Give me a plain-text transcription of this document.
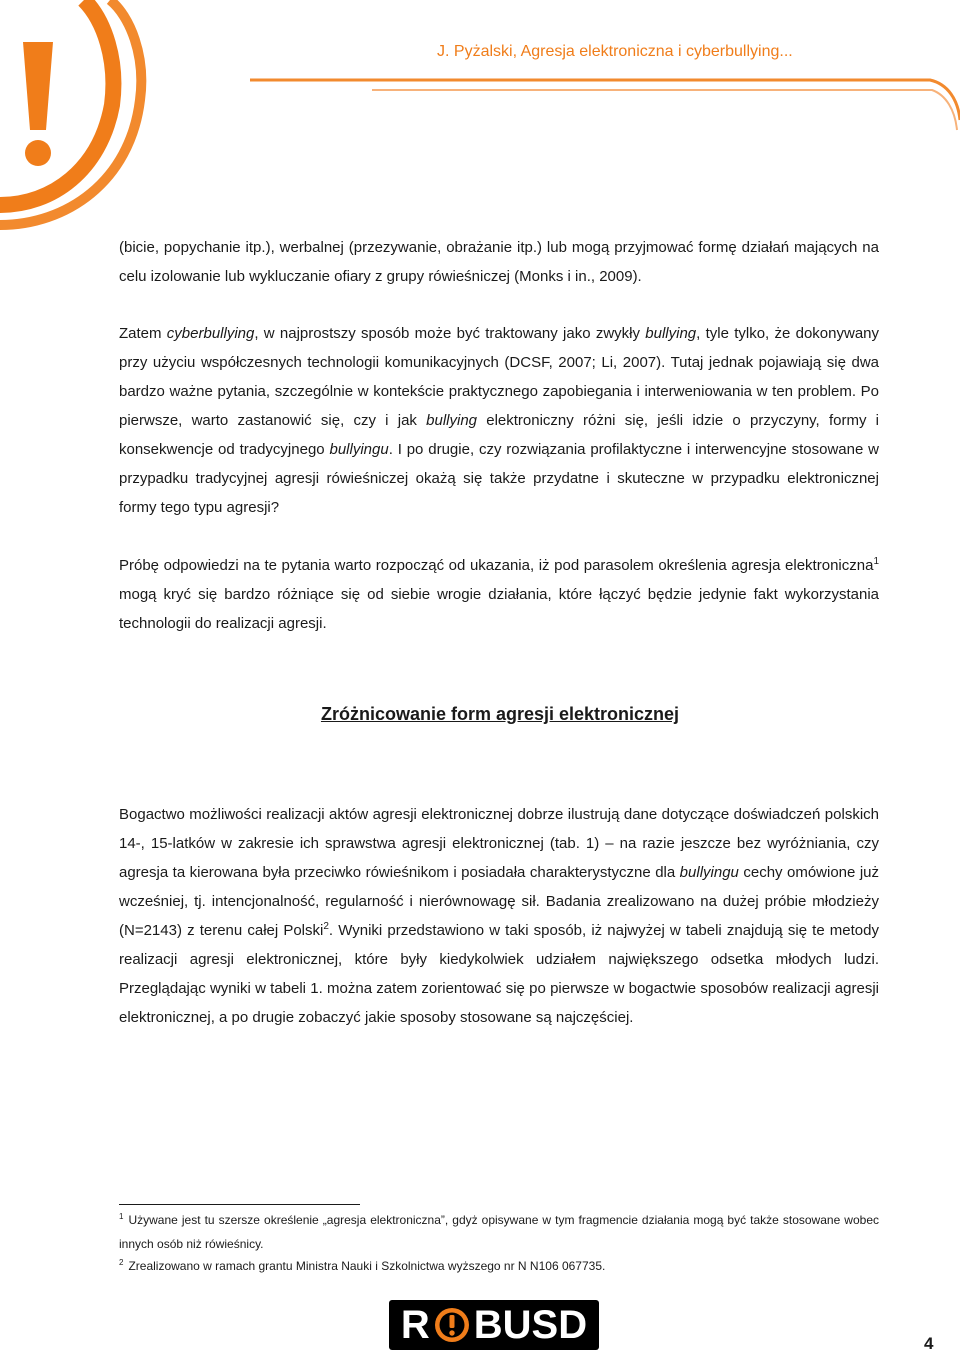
J. Pyżalski, Agresja elektroniczna i cyberbullying...

(bicie, popychanie itp.), werbalnej (przezywanie, obrażanie itp.) lub mogą przyjmować formę działań mających na celu izolowanie lub wykluczanie ofiary z grupy rówieśniczej (Monks i in., 2009).

Zatem cyberbullying, w najprostszy sposób może być traktowany jako zwykły bullying, tyle tylko, że dokonywany przy użyciu współczesnych technologii komunikacyjnych (DCSF, 2007; Li, 2007). Tutaj jednak pojawiają się dwa bardzo ważne pytania, szczególnie w kontekście praktycznego zapobiegania i interweniowania w ten problem. Po pierwsze, warto zastanowić się, czy i jak bullying elektroniczny różni się, jeśli idzie o przyczyny, formy i konsekwencje od tradycyjnego bullyingu. I po drugie, czy rozwiązania profilaktyczne i interwencyjne stosowane w przypadku tradycyjnej agresji rówieśniczej okażą się także przydatne i skuteczne w przypadku elektronicznej formy tego typu agresji?

Próbę odpowiedzi na te pytania warto rozpocząć od ukazania, iż pod parasolem określenia agresja elektroniczna$^1$ mogą kryć się bardzo różniące się od siebie wrogie działania, które łączyć będzie jedynie fakt wykorzystania technologii do realizacji agresji.

Zróżnicowanie form agresji elektronicznej

Bogactwo możliwości realizacji aktów agresji elektronicznej dobrze ilustrują dane dotyczące doświadczeń polskich 14-, 15-latków w zakresie ich sprawstwa agresji elektronicznej (tab. 1) – na razie jeszcze bez wyróżniania, czy agresja ta kierowana była przeciwko rówieśnikom i posiadała charakterystyczne dla bullyingu cechy omówione już wcześniej, tj. intencjonalność, regularność i nierównowagę sił. Badania zrealizowano na dużej próbie młodzieży (N=2143) z terenu całej Polski$^2$. Wyniki przedstawiono w taki sposób, iż najwyżej w tabeli znajdują się te metody realizacji agresji elektronicznej, które były kiedykolwiek udziałem największego odsetka młodych ludzi. Przeglądając wyniki w tabeli 1. można zatem zorientować się po pierwsze w bogactwie sposobów realizacji agresji elektronicznej, a po drugie zobaczyć jakie sposoby stosowane są najczęściej.

$^1$ Używane jest tu szersze określenie „agresja elektroniczna”, gdyż opisywane w tym fragmencie działania mogą być także stosowane wobec innych osób niż rówieśnicy.

$^2$ Zrealizowano w ramach grantu Ministra Nauki i Szkolnictwa wyższego nr N N106 067735.

R BUSD	4
